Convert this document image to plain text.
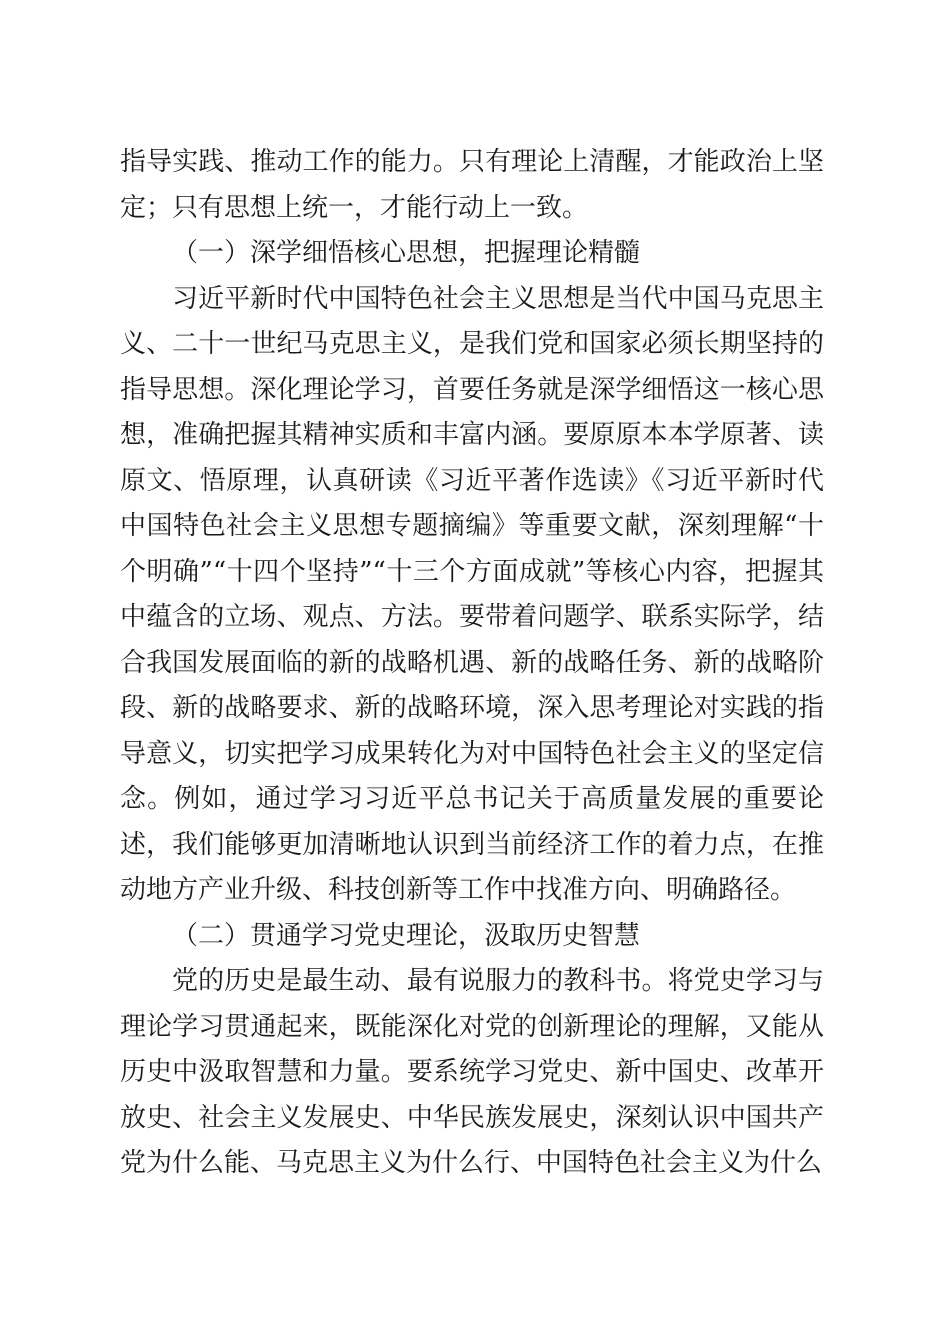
指导实践、推动工作的能力。只有理论上清醒，才能政治上坚定；只有思想上统一，才能行动上一致。

（一）深学细悟核心思想，把握理论精髓

习近平新时代中国特色社会主义思想是当代中国马克思主义、二十一世纪马克思主义，是我们党和国家必须长期坚持的指导思想。深化理论学习，首要任务就是深学细悟这一核心思想，准确把握其精神实质和丰富内涵。要原原本本学原著、读原文、悟原理，认真研读《习近平著作选读》《习近平新时代中国特色社会主义思想专题摘编》等重要文献，深刻理解“十个明确”“十四个坚持”“十三个方面成就”等核心内容，把握其中蕴含的立场、观点、方法。要带着问题学、联系实际学，结合我国发展面临的新的战略机遇、新的战略任务、新的战略阶段、新的战略要求、新的战略环境，深入思考理论对实践的指导意义，切实把学习成果转化为对中国特色社会主义的坚定信念。例如，通过学习习近平总书记关于高质量发展的重要论述，我们能够更加清晰地认识到当前经济工作的着力点，在推动地方产业升级、科技创新等工作中找准方向、明确路径。

（二）贯通学习党史理论，汲取历史智慧

党的历史是最生动、最有说服力的教科书。将党史学习与理论学习贯通起来，既能深化对党的创新理论的理解，又能从历史中汲取智慧和力量。要系统学习党史、新中国史、改革开放史、社会主义发展史、中华民族发展史，深刻认识中国共产党为什么能、马克思主义为什么行、中国特色社会主义为什么
